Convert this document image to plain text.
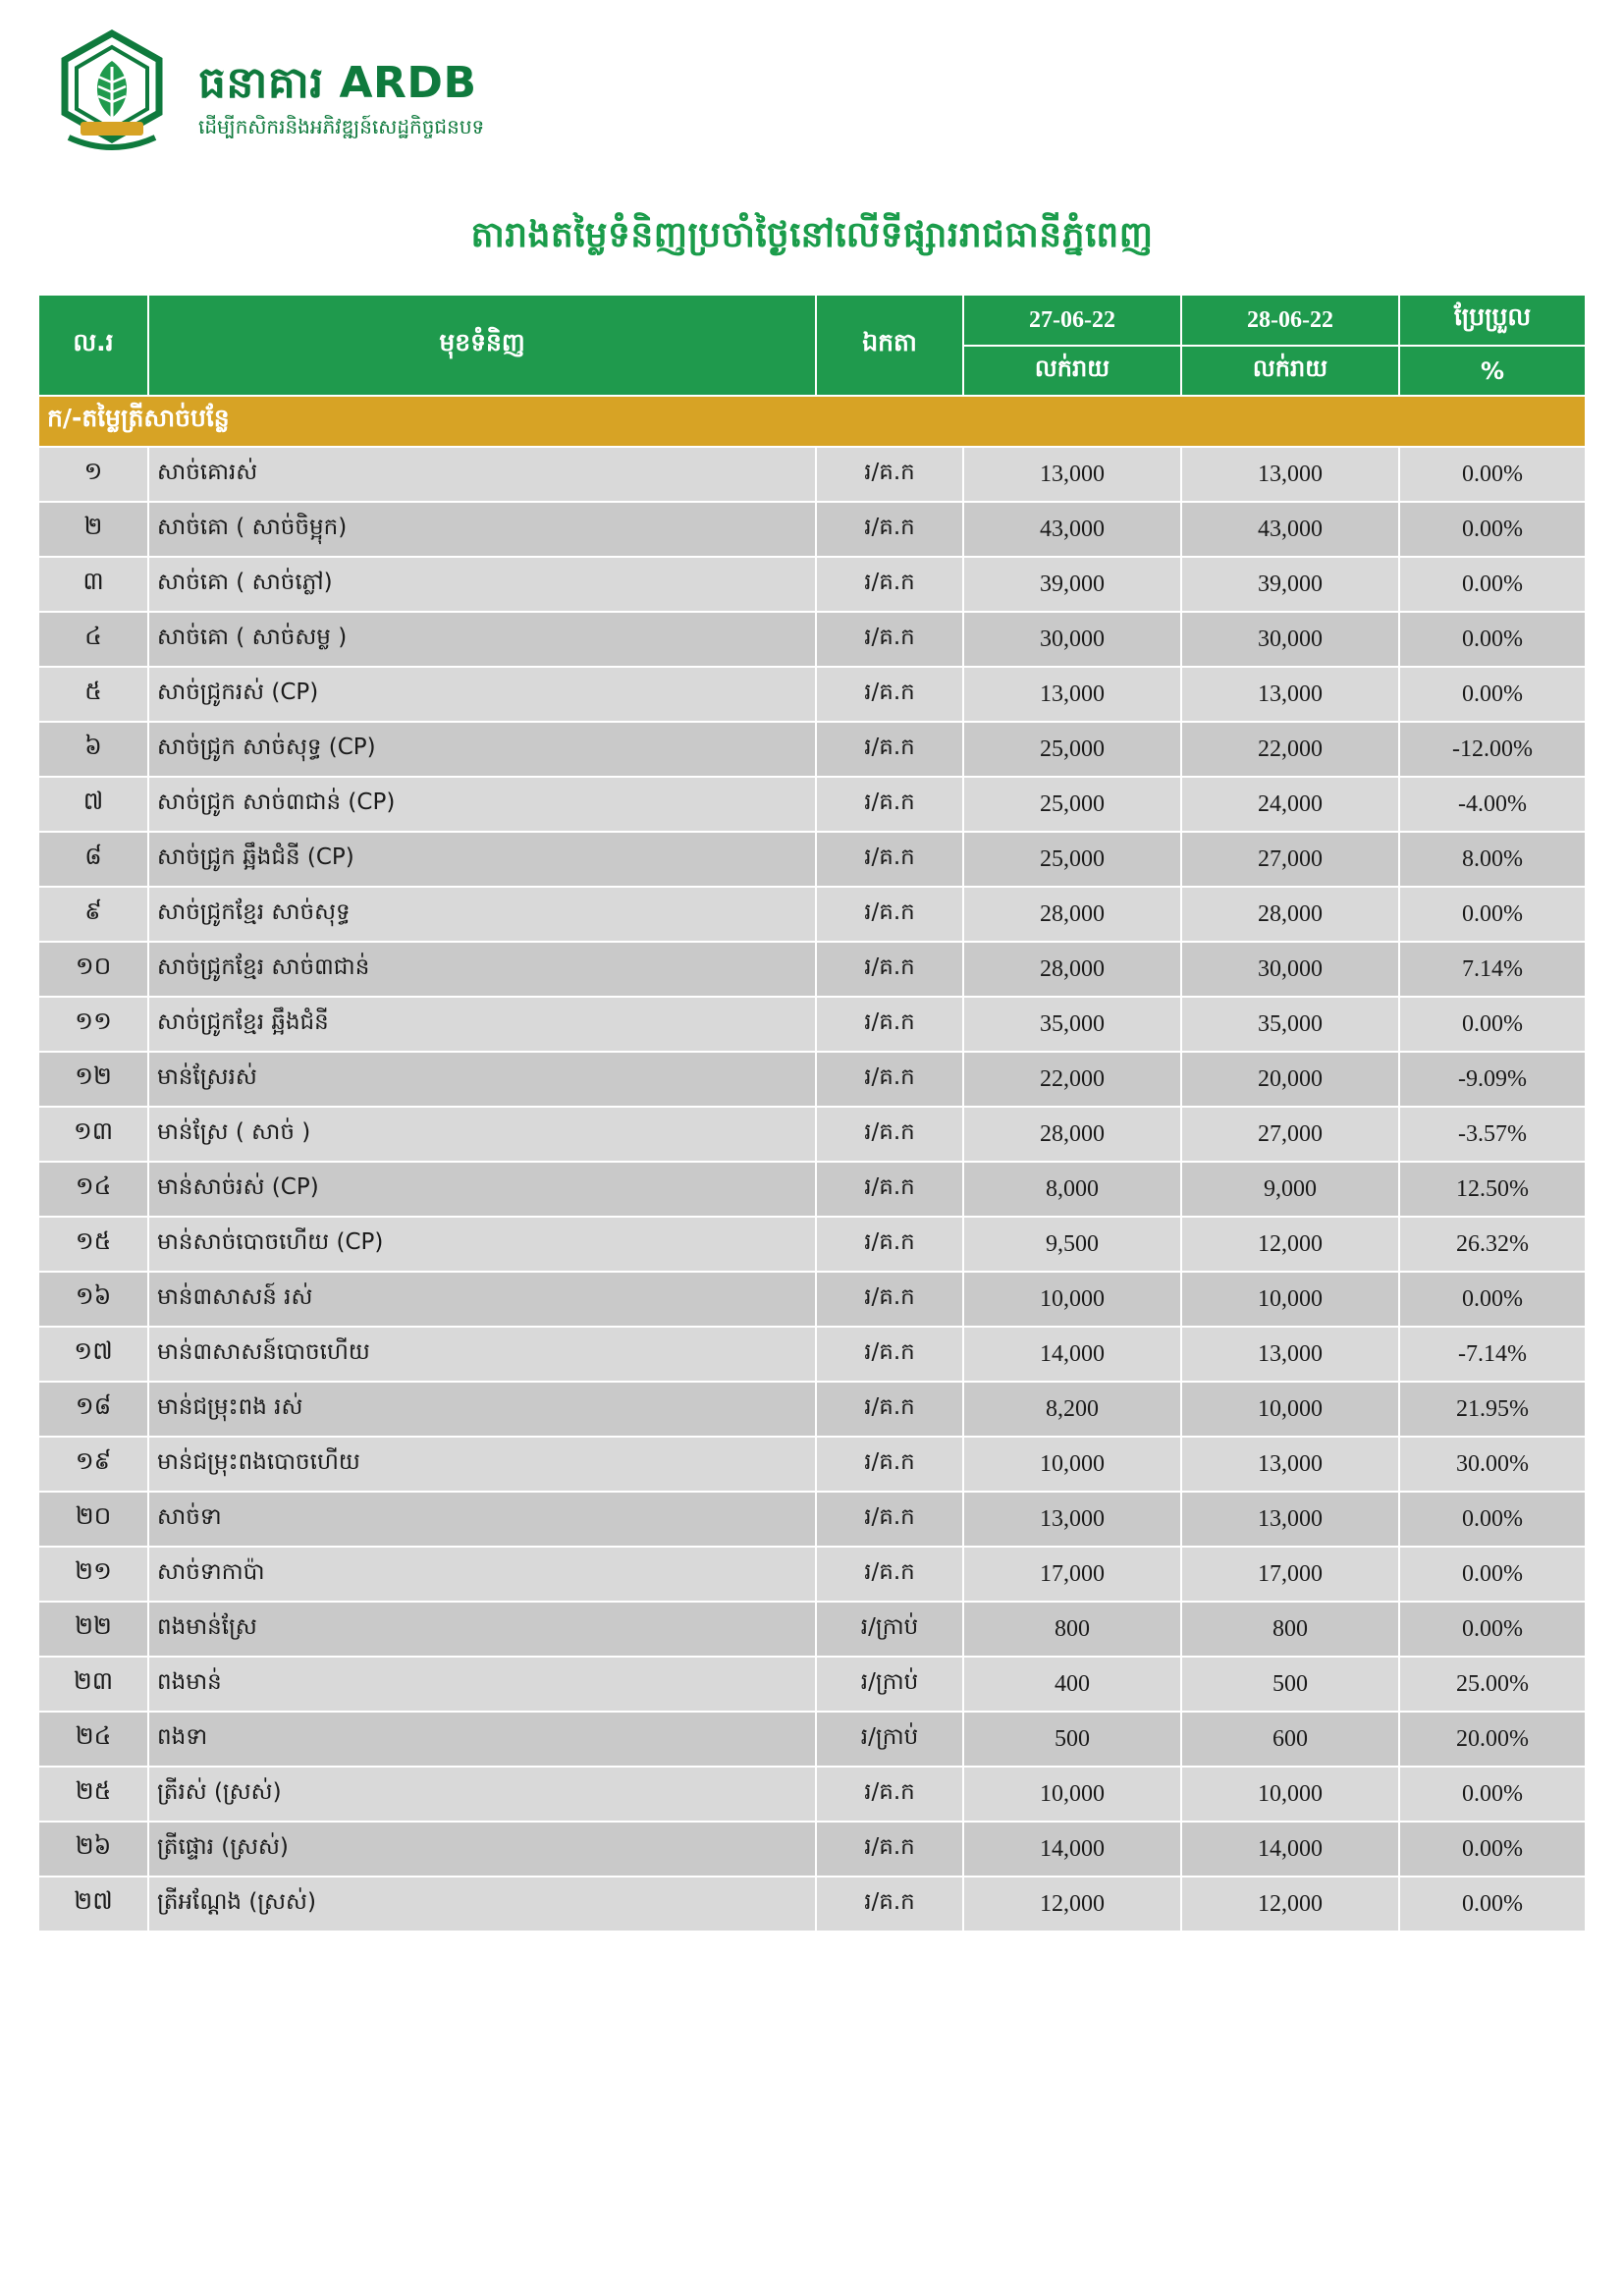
ធនាគារ ARDB
ដើម្បីកសិករនិងអភិវឌ្ឍន៍សេដ្ឋកិច្ចជនបទ
តារាងតម្លៃទំនិញប្រចាំថ្ងៃនៅលើទីផ្សាររាជធានីភ្នំពេញ
ល.រ	មុខទំនិញ	ឯកតា	27-06-22	28-06-22	ប្រែប្រួល
			លក់រាយ	លក់រាយ	%
ក/-តម្លៃត្រីសាច់បន្លែ					
១	សាច់គោរស់	រ/គ.ក	13,000	13,000	0.00%
២	សាច់គោ ( សាច់ចិម្អុក)	រ/គ.ក	43,000	43,000	0.00%
៣	សាច់គោ ( សាច់ភ្លៅ)	រ/គ.ក	39,000	39,000	0.00%
៤	សាច់គោ ( សាច់សម្ល )	រ/គ.ក	30,000	30,000	0.00%
៥	សាច់ជ្រូករស់ (CP)	រ/គ.ក	13,000	13,000	0.00%
៦	សាច់ជ្រូក សាច់សុទ្ធ (CP)	រ/គ.ក	25,000	22,000	-12.00%
៧	សាច់ជ្រូក សាច់៣ជាន់ (CP)	រ/គ.ក	25,000	24,000	-4.00%
៨	សាច់ជ្រូក ឆ្អឹងជំនី (CP)	រ/គ.ក	25,000	27,000	8.00%
៩	សាច់ជ្រូកខ្មែរ សាច់សុទ្ធ	រ/គ.ក	28,000	28,000	0.00%
១០	សាច់ជ្រូកខ្មែរ សាច់៣ជាន់	រ/គ.ក	28,000	30,000	7.14%
១១	សាច់ជ្រូកខ្មែរ ឆ្អឹងជំនី	រ/គ.ក	35,000	35,000	0.00%
១២	មាន់ស្រែរស់	រ/គ.ក	22,000	20,000	-9.09%
១៣	មាន់ស្រែ ( សាច់ )	រ/គ.ក	28,000	27,000	-3.57%
១៤	មាន់សាច់រស់ (CP)	រ/គ.ក	8,000	9,000	12.50%
១៥	មាន់សាច់បោចហើយ (CP)	រ/គ.ក	9,500	12,000	26.32%
១៦	មាន់៣សាសន៍ រស់	រ/គ.ក	10,000	10,000	0.00%
១៧	មាន់៣សាសន៍បោចហើយ	រ/គ.ក	14,000	13,000	-7.14%
១៨	មាន់ជម្រុះពង រស់	រ/គ.ក	8,200	10,000	21.95%
១៩	មាន់ជម្រុះពងបោចហើយ	រ/គ.ក	10,000	13,000	30.00%
២០	សាច់ទា	រ/គ.ក	13,000	13,000	0.00%
២១	សាច់ទាកាប៉ា	រ/គ.ក	17,000	17,000	0.00%
២២	ពងមាន់ស្រែ	រ/ក្រាប់	800	800	0.00%
២៣	ពងមាន់	រ/ក្រាប់	400	500	25.00%
២៤	ពងទា	រ/ក្រាប់	500	600	20.00%
២៥	ត្រីរស់ (ស្រស់)	រ/គ.ក	10,000	10,000	0.00%
២៦	ត្រីផ្ទោរ (ស្រស់)	រ/គ.ក	14,000	14,000	0.00%
២៧	ត្រីអណ្តែង (ស្រស់)	រ/គ.ក	12,000	12,000	0.00%
